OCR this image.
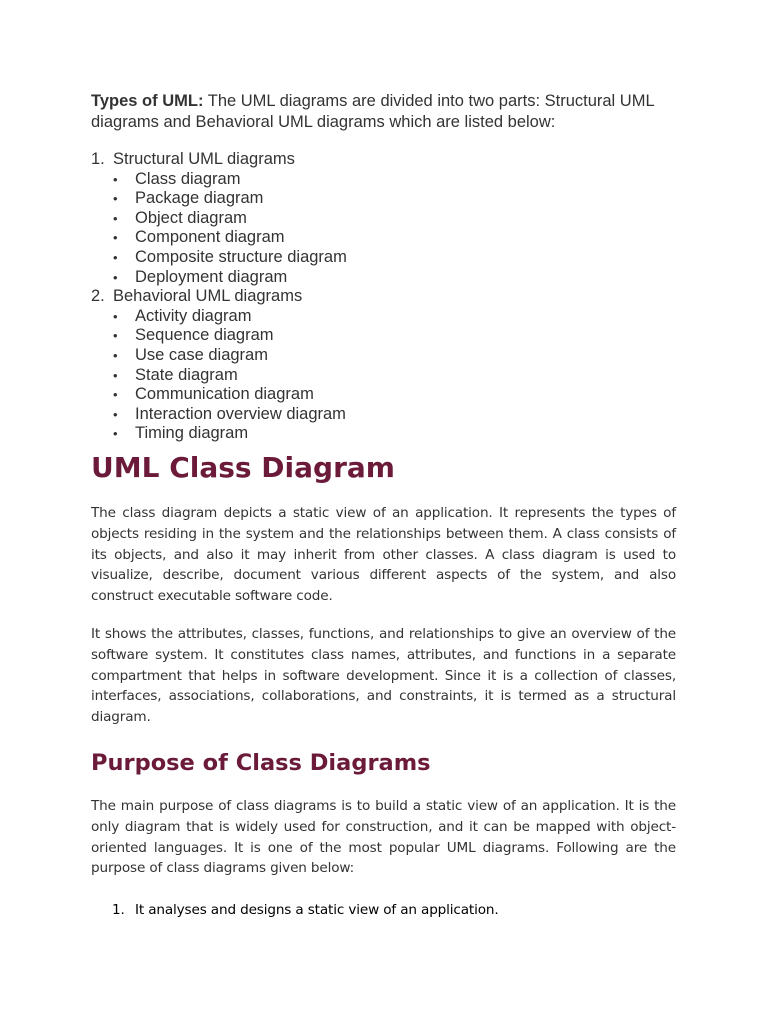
Types of UML: The UML diagrams are divided into two parts: Structural UML diagrams and Behavioral UML diagrams which are listed below:

1. Structural UML diagrams
•	Class diagram
•	Package diagram
•	Object diagram
•	Component diagram
•	Composite structure diagram
•	Deployment diagram
2. Behavioral UML diagrams
•	Activity diagram
•	Sequence diagram
•	Use case diagram
•	State diagram
•	Communication diagram
•	Interaction overview diagram
•	Timing diagram
UML Class Diagram

The class diagram depicts a static view of an application. It represents the types of objects residing in the system and the relationships between them. A class consists of its objects, and also it may inherit from other classes. A class diagram is used to visualize, describe, document various different aspects of the system, and also construct executable software code.

It shows the attributes, classes, functions, and relationships to give an overview of the software system. It constitutes class names, attributes, and functions in a separate compartment that helps in software development. Since it is a collection of classes, interfaces, associations, collaborations, and constraints, it is termed as a structural diagram.

Purpose of Class Diagrams

The main purpose of class diagrams is to build a static view of an application. It is the only diagram that is widely used for construction, and it can be mapped with object-oriented languages. It is one of the most popular UML diagrams. Following are the purpose of class diagrams given below:

1. It analyses and designs a static view of an application.
